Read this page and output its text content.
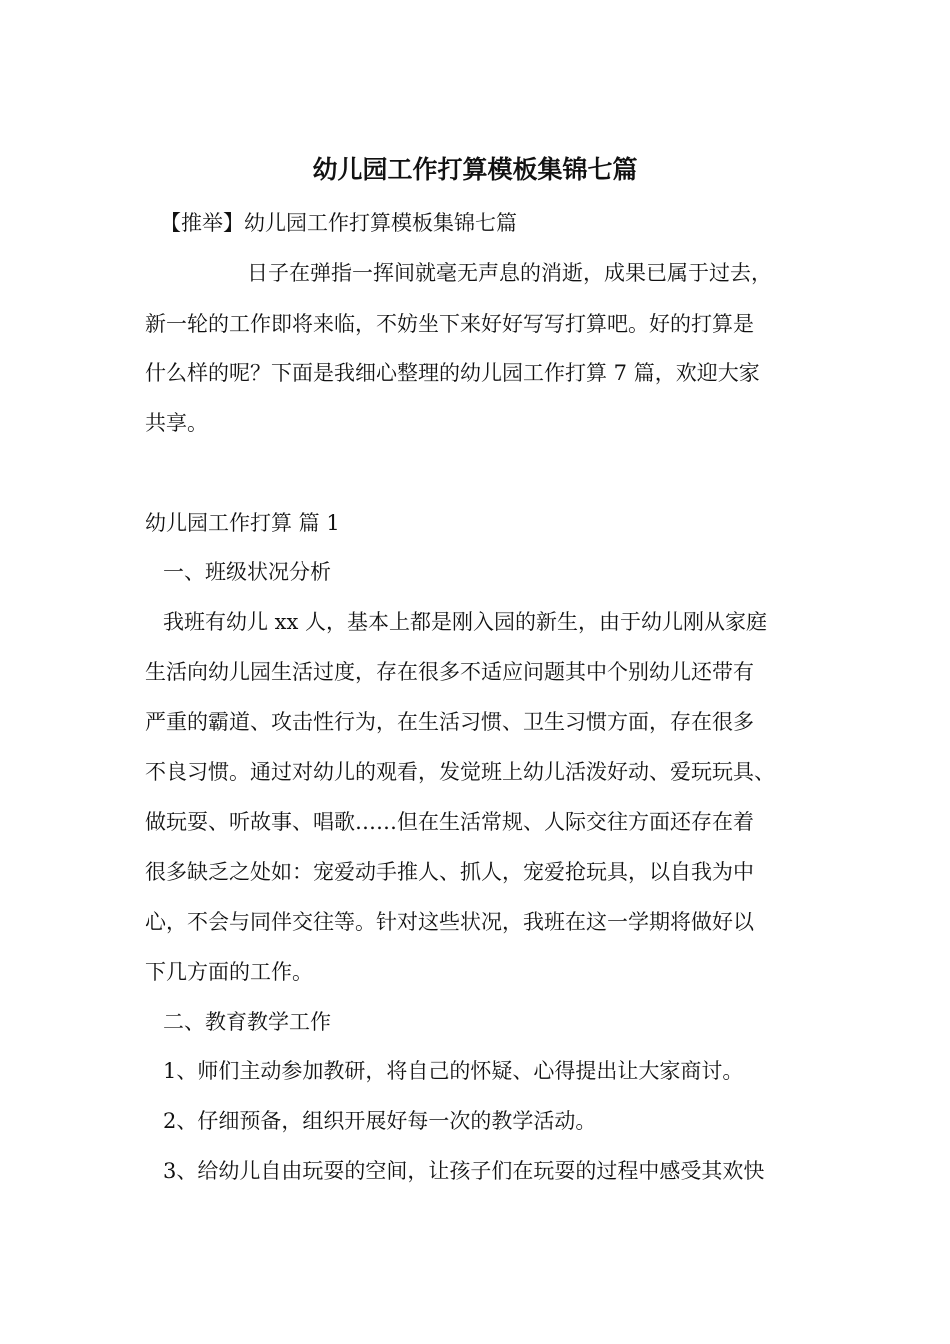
幼儿园工作打算模板集锦七篇
【推举】幼儿园工作打算模板集锦七篇
日子在弹指一挥间就毫无声息的消逝，成果已属于过去，
新一轮的工作即将来临，不妨坐下来好好写写打算吧。好的打算是
什么样的呢？下面是我细心整理的幼儿园工作打算 7 篇，欢迎大家
共享。
幼儿园工作打算 篇 1
一、班级状况分析
我班有幼儿 xx 人，基本上都是刚入园的新生，由于幼儿刚从家庭
生活向幼儿园生活过度，存在很多不适应问题其中个别幼儿还带有
严重的霸道、攻击性行为，在生活习惯、卫生习惯方面，存在很多
不良习惯。通过对幼儿的观看，发觉班上幼儿活泼好动、爱玩玩具、
做玩耍、听故事、唱歌……但在生活常规、人际交往方面还存在着
很多缺乏之处如：宠爱动手推人、抓人，宠爱抢玩具，以自我为中
心，不会与同伴交往等。针对这些状况，我班在这一学期将做好以
下几方面的工作。
二、教育教学工作
1、师们主动参加教研，将自己的怀疑、心得提出让大家商讨。
2、仔细预备，组织开展好每一次的教学活动。
3、给幼儿自由玩耍的空间，让孩子们在玩耍的过程中感受其欢快
